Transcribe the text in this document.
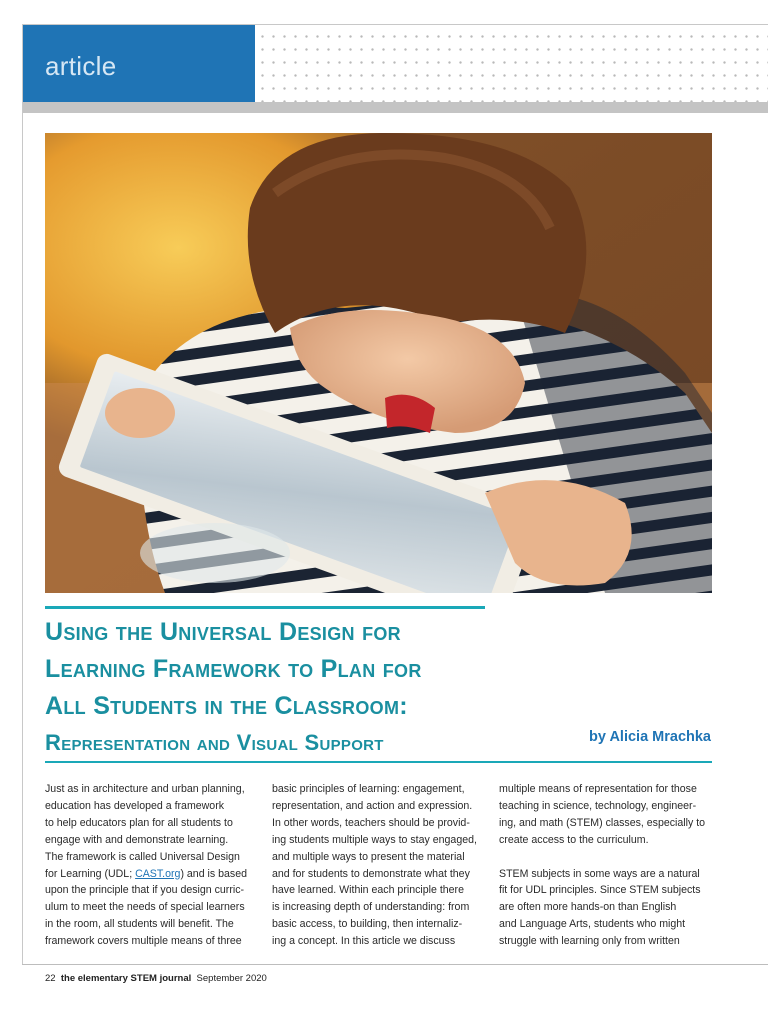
article
Using the Universal Design for
Learning Framework to Plan for
All Students in the Classroom:
Representation and Visual Support	by Alicia Mrachka
Just as in architecture and urban planning,
education has developed a framework
to help educators plan for all students to
engage with and demonstrate learning.
The framework is called Universal Design
for Learning (UDL; CAST.org) and is based
upon the principle that if you design curric-
ulum to meet the needs of special learners
in the room, all students will benefit. The
framework covers multiple means of three
basic principles of learning: engagement,
representation, and action and expression.
In other words, teachers should be provid-
ing students multiple ways to stay engaged,
and multiple ways to present the material
and for students to demonstrate what they
have learned. Within each principle there
is increasing depth of understanding: from
basic access, to building, then internaliz-
ing a concept. In this article we discuss
multiple means of representation for those
teaching in science, technology, engineer-
ing, and math (STEM) classes, especially to
create access to the curriculum.
STEM subjects in some ways are a natural
fit for UDL principles. Since STEM subjects
are often more hands-on than English
and Language Arts, students who might
struggle with learning only from written
22 the elementary STEM journal September 2020
